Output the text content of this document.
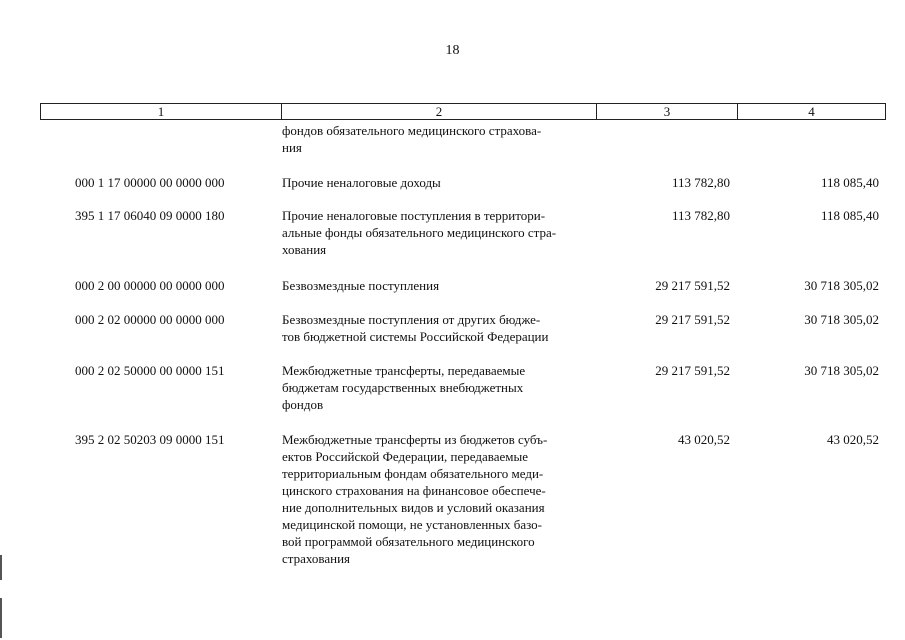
18
1	2	3	4
фондов обязательного медицинского страхова-
ния
000 1 17 00000 00 0000 000	Прочие неналоговые доходы	113 782,80	118 085,40
395 1 17 06040 09 0000 180	Прочие неналоговые поступления в территори-
альные фонды обязательного медицинского стра-
хования
113 782,80	118 085,40
000 2 00 00000 00 0000 000	Безвозмездные поступления	29 217 591,52	30 718 305,02
000 2 02 00000 00 0000 000	Безвозмездные поступления от других бюдже-
тов бюджетной системы Российской Федерации
29 217 591,52	30 718 305,02
000 2 02 50000 00 0000 151	Межбюджетные трансферты, передаваемые
бюджетам государственных внебюджетных
фондов
29 217 591,52	30 718 305,02
395 2 02 50203 09 0000 151	Межбюджетные трансферты из бюджетов субъ-
ектов Российской Федерации, передаваемые
территориальным фондам обязательного меди-
цинского страхования на финансовое обеспече-
ние дополнительных видов и условий оказания
медицинской помощи, не установленных базо-
вой программой обязательного медицинского
страхования
43 020,52	43 020,52
